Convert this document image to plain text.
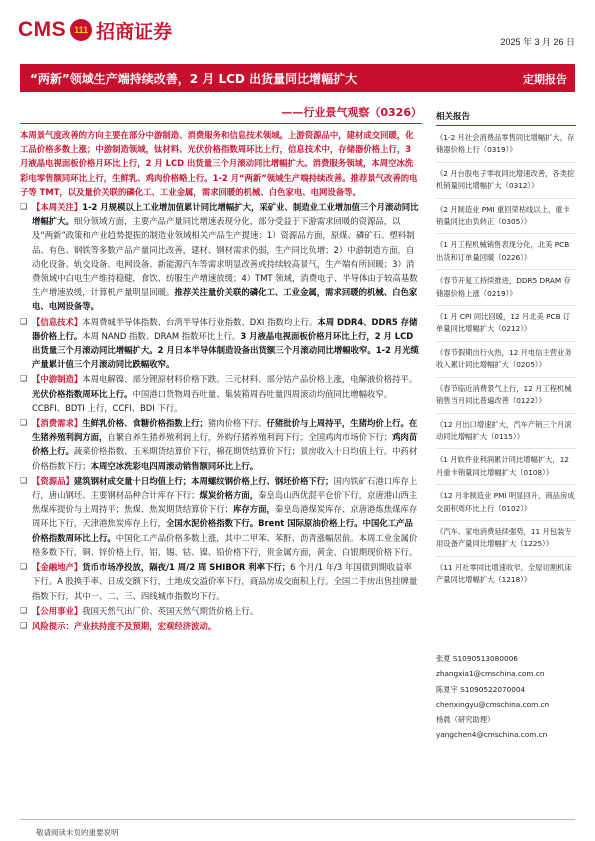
CMS 111 招商证券	2025 年 3 月 26 日
“两新”领域生产端持续改善，2 月 LCD 出货量同比增幅扩大	定期报告
——行业景气观察（0326）

本周景气度改善的方向主要在部分中游制造、消费服务和信息技术领域。上游资源品中，建材成交回暖，化工品价格多数上涨；中游制造领域，钛材料、光伏价格指数周环比上行，信息技术中，存储器价格上行，3 月液晶电视面板价格月环比上行，2 月 LCD 出货量三个月滚动同比增幅扩大。消费服务领域，本周空冰洗彩电零售额同环比上行，生鲜乳、鸡肉价格略上行。1-2 月“两新”领域生产端持续改善。推荐景气改善的电子等 TMT，以及量价关联的磷化工、工业金属，需求回暖的机械、白色家电、电网设备等。

❑ 【本周关注】1-2 月规模以上工业增加值累计同比增幅扩大，采矿业、制造业工业增加值三个月滚动同比增幅扩大。细分领域方面，主要产品产量同比增速表现分化，部分受益于下游需求回暖的资源品，以及“两新”政策和产业趋势提振的制造业领域相关产品生产提速：1）资源品方面，原煤、磷矿石、塑料制品、有色、钢铁等多数产品产量同比改善，建材、钢材需求仍弱，生产同比负增；2）中游制造方面，自动化设备、轨交设备、电网设备、新能源汽车等需求明显改善或持续较高景气，生产端有所回暖；3）消费领域中白电生产维持稳健，食饮、纺服生产增速放缓；4）TMT 领域，消费电子、半导体由于较高基数生产增速放缓，计算机产量明显回暖。推荐关注量价关联的磷化工、工业金属，需求回暖的机械、白色家电、电网设备等。
❑ 【信息技术】本周费城半导体指数、台湾半导体行业指数、DXI 指数均上行。本周 DDR4、DDR5 存储器价格上行。本周 NAND 指数、DRAM 指数环比上行。3 月液晶电视面板价格月环比上行，2 月 LCD 出货量三个月滚动同比增幅扩大。2 月日本半导体制造设备出货额三个月滚动同比增幅收窄。1-2 月光缆产量累计值三个月滚动同比跌幅收窄。
❑ 【中游制造】本周电解镍、部分锂原材料价格下跌。三元材料、部分钴产品价格上涨，电解液价格持平。光伏价格指数周环比上行。中国港口货物周吞吐量、集装箱周吞吐量四周滚动均值同比增幅收窄。CCBFI、BDTI 上行，CCFI、BDI 下行。
❑ 【消费需求】生鲜乳价格、食糖价格指数上行；猪肉价格下行、仔猪批价与上周持平，生猪均价上行。在生猪养殖利润方面，自繁自养生猪养殖利润上行，外购仔猪养殖利润下行；全国鸡肉市场价下行；鸡肉苗价格上行。蔬菜价格指数、玉米期货结算价下行，棉花期货结算价下行；景房收入十日均值上行。中药材价格指数下行；本周空冰洗彩电四周滚动销售额同环比上行。
❑ 【资源品】建筑钢材成交量十日均值上行；本周螺纹钢价格上行、钢坯价格下行；国内铁矿石港口库存上行，唐山钢坯、主要钢材品种合计库存下行；煤炭价格方面，秦皇岛山西优混平仓价下行，京唐港山西主焦煤库提价与上周持平；焦煤、焦炭期货结算价下行；库存方面，秦皇岛港煤炭库存、京唐港炼焦煤库存周环比下行，天津港焦炭库存上行，全国水泥价格指数下行。Brent 国际原油价格上行。中国化工产品价格指数周环比上行。中国化工产品价格多数上涨，其中二甲苯、苯酐、沥青涨幅居前。本周工业金属价格多数下行，铜、锌价格上行，铝、锡、钴、镍、铅价格下行，贵金属方面，黄金、白银期现价格下行。
❑ 【金融地产】货币市场净投放，隔夜/1 周/2 周 SHIBOR 利率下行；6 个月/1 年/3 年国债到期收益率下行。A 股换手率、日成交额下行，土地成交溢价率下行，商品房成交面积上行。全国二手房出售挂牌量指数下行，其中一、二、三、四线城市指数均下行。
❑ 【公用事业】我国天然气出厂价、英国天然气期货价格上行。
❑ 风险提示：产业扶持度不及预期，宏观经济波动。
相关报告
《1-2 月社会消费品零售同比增幅扩大，存储器价格上行（0319）》
《2 月台股电子零收同比增速改善，各类挖机销量同比增幅扩大（0312）》
《2 月制造业 PMI 重回荣枯线以上，重卡销量同比由负转正（0305）》
《1 月工程机械销售表现分化，北美 PCB 出货和订单量回暖（0226）》
《春节开复工持续推进，DDR5 DRAM 存储器价格上涨（0219）》
《1 月 CPI 同比回暖，12 月北美 PCB 订单量同比增幅扩大（0212）》
《春节假期出行火热，12 月电信主营业务收入累计同比增幅扩大（0205）》
《春节临近消费景气上行，12 月工程机械销售当月同比普遍改善（0122）》
《12 月出口增速扩大，汽车产销三个月滚动同比增幅扩大（0115）》
《1 月软件业利润累计同比增幅扩大，12 月重卡销量同比增幅扩大（0108）》
《12 月非制造业 PMI 明显回升，商品房成交面积周环比上行（0102）》
《汽车、家电消费延续强势，11 月包装专用设备产量同比增幅扩大（1225）》
《11 月社零同比增速收窄，全屋切割机床产量同比增幅扩大（1218）》
张夏 S1090513080006
zhangxia1@cmschina.com.cn
陈夏宇 S1090522070004
chenxingyu@cmschina.com.cn
杨晨（研究助理）
yangchen4@cmschina.com.cn
敬请阅读末页的重要说明
